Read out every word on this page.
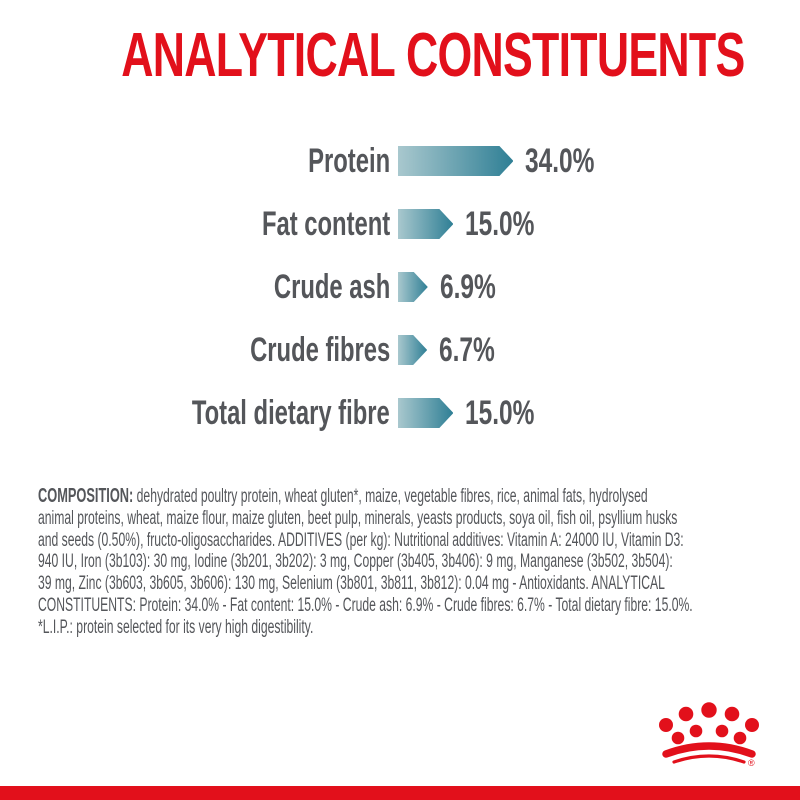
ANALYTICAL CONSTITUENTS
Protein	34.0%
Fat content 15.0%
Crude ash 6.9%
Crude fibres 6.7%
Total dietary fibre 15.0%
COMPOSITION: dehydrated poultry protein, wheat gluten*, maize, vegetable fibres, rice, animal fats, hydrolysed
animal proteins, wheat, maize flour, maize gluten, beet pulp, minerals, yeasts products, soya oil, fish oil, psyllium husks
and seeds (0.50%), fructo-oligosaccharides. ADDITIVES (per kg): Nutritional additives: Vitamin A: 24000 IU, Vitamin D3:
940 IU, Iron (3b103): 30 mg, Iodine (3b201, 3b202): 3 mg, Copper (3b405, 3b406): 9 mg, Manganese (3b502, 3b504):
39 mg, Zinc (3b603, 3b605, 3b606): 130 mg, Selenium (3b801, 3b811, 3b812): 0.04 mg - Antioxidants. ANALYTICAL
CONSTITUENTS: Protein: 34.0% - Fat content: 15.0% - Crude ash: 6.9% - Crude fibres: 6.7% - Total dietary fibre: 15.0%.
*L.I.P.: protein selected for its very high digestibility.
®
